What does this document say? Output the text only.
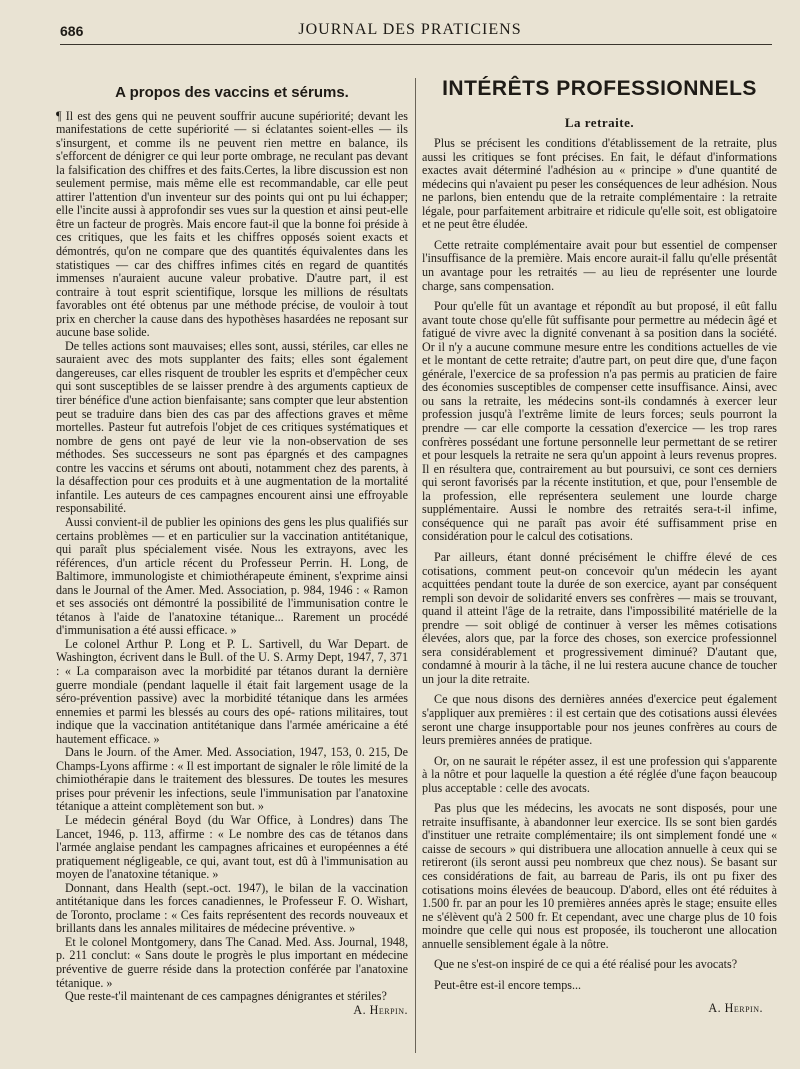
686	JOURNAL DES PRATICIENS
A propos des vaccins et sérums.

¶ Il est des gens qui ne peuvent souffrir aucune supériorité; devant les manifestations de cette supériorité — si éclatantes soient-elles — ils s'insurgent, et comme ils ne peuvent rien mettre en balance, ils s'efforcent de dénigrer ce qui leur porte ombrage, ne reculant pas devant la falsification des chiffres et des faits.Certes, la libre discussion est non seulement permise, mais même elle est recommandable, car elle peut attirer l'attention d'un inventeur sur des points qui ont pu lui échapper; elle l'incite aussi à approfondir ses vues sur la question et ainsi peut-elle être un facteur de progrès. Mais encore faut-il que la bonne foi préside à ces critiques, que les faits et les chiffres opposés soient exacts et démontrés, qu'on ne compare que des quantités équivalentes dans les statistiques — car des chiffres infimes cités en regard de quantités immenses n'auraient aucune valeur probative. D'autre part, il est contraire à tout esprit scientifique, lorsque les millions de résultats favorables ont été obtenus par une méthode précise, de vouloir à tout prix en chercher la cause dans des hypothèses hasardées ne reposant sur aucune base solide.

De telles actions sont mauvaises; elles sont, aussi, stériles, car elles ne sauraient avec des mots supplanter des faits; elles sont également dangereuses, car elles risquent de troubler les esprits et d'empêcher ceux qui sont susceptibles de se laisser prendre à des arguments captieux de tirer bénéfice d'une action bienfaisante; sans compter que leur abstention peut se traduire dans bien des cas par des affections graves et même mortelles. Pasteur fut autrefois l'objet de ces critiques systématiques et nombre de gens ont payé de leur vie la non-observation de ses méthodes. Ses successeurs ne sont pas épargnés et des campagnes contre les vaccins et sérums ont abouti, notamment chez des parents, à la désaffection pour ces produits et à une augmentation de la mortalité infantile. Les auteurs de ces campagnes encourent ainsi une effroyable responsabilité.

Aussi convient-il de publier les opinions des gens les plus qualifiés sur certains problèmes — et en particulier sur la vaccination antitétanique, qui paraît plus spécialement visée. Nous les extrayons, avec les références, d'un article récent du Professeur Perrin. H. Long, de Baltimore, immunologiste et chimiothérapeute éminent, s'exprime ainsi dans le Journal of the Amer. Med. Association, p. 984, 1946 : « Ramon et ses associés ont démontré la possibilité de l'immunisation contre le tétanos à l'aide de l'anatoxine tétanique... Rarement un procédé d'immunisation a été aussi efficace. »

Le colonel Arthur P. Long et P. L. Sartivell, du War Depart. de Washington, écrivent dans le Bull. of the U. S. Army Dept, 1947, 7, 371 : « La comparaison avec la morbidité par tétanos durant la dernière guerre mondiale (pendant laquelle il était fait largement usage de la séro-prévention passive) avec la morbidité tétanique dans les armées ennemies et parmi les blessés au cours des opé- rations militaires, tout indique que la vaccination antitétanique dans l'armée américaine a été hautement efficace. »

Dans le Journ. of the Amer. Med. Association, 1947, 153, 0. 215, De Champs-Lyons affirme : « Il est important de signaler le rôle limité de la chimiothérapie dans le traitement des blessures. De toutes les mesures prises pour prévenir les infections, seule l'immunisation par l'anatoxine tétanique a atteint complètement son but. »

Le médecin général Boyd (du War Office, à Londres) dans The Lancet, 1946, p. 113, affirme : « Le nombre des cas de tétanos dans l'armée anglaise pendant les campagnes africaines et européennes a été pratiquement négligeable, ce qui, avant tout, est dû à l'immunisation au moyen de l'anatoxine tétanique. »

Donnant, dans Health (sept.-oct. 1947), le bilan de la vaccination antitétanique dans les forces canadiennes, le Professeur F. O. Wishart, de Toronto, proclame : « Ces faits représentent des records nouveaux et brillants dans les annales militaires de médecine préventive. »

Et le colonel Montgomery, dans The Canad. Med. Ass. Journal, 1948, p. 211 conclut: « Sans doute le progrès le plus important en médecine préventive de guerre réside dans la protection conférée par l'anatoxine tétanique. »

Que reste-t'il maintenant de ces campagnes dénigrantes et stériles?

A. Herpin.
INTÉRÊTS PROFESSIONNELS
La retraite.

Plus se précisent les conditions d'établissement de la retraite, plus aussi les critiques se font précises. En fait, le défaut d'informations exactes avait déterminé l'adhésion au « principe » d'une quantité de médecins qui n'avaient pu peser les conséquences de leur adhésion. Nous ne parlons, bien entendu que de la retraite complémentaire : la retraite légale, pour parfaitement arbitraire et ridicule qu'elle soit, est obligatoire et ne peut être éludée.

Cette retraite complémentaire avait pour but essentiel de compenser l'insuffisance de la première. Mais encore aurait-il fallu qu'elle présentât un avantage pour les retraités — au lieu de représenter une lourde charge, sans compensation.

Pour qu'elle fût un avantage et répondît au but proposé, il eût fallu avant toute chose qu'elle fût suffisante pour permettre au médecin âgé et fatigué de vivre avec la dignité convenant à sa position dans la société. Or il n'y a aucune commune mesure entre les conditions actuelles de vie et le montant de cette retraite; d'autre part, on peut dire que, d'une façon générale, l'exercice de sa profession n'a pas permis au praticien de faire des économies susceptibles de compenser cette insuffisance. Ainsi, avec ou sans la retraite, les médecins sont-ils condamnés à exercer leur profession jusqu'à l'extrême limite de leurs forces; seuls pourront la prendre — car elle comporte la cessation d'exercice — les trop rares confrères possédant une fortune personnelle leur permettant de se retirer et pour lesquels la retraite ne sera qu'un appoint à leurs revenus propres. Il en résultera que, contrairement au but poursuivi, ce sont ces derniers qui seront favorisés par la récente institution, et que, pour l'ensemble de la profession, elle représentera seulement une lourde charge supplémentaire. Aussi le nombre des retraités sera-t-il infime, conséquence qui ne paraît pas avoir été suffisamment prise en considération pour le calcul des cotisations.

Par ailleurs, étant donné précisément le chiffre élevé de ces cotisations, comment peut-on concevoir qu'un médecin les ayant acquittées pendant toute la durée de son exercice, ayant par conséquent rempli son devoir de solidarité envers ses confrères — mais se trouvant, quand il atteint l'âge de la retraite, dans l'impossibilité matérielle de la prendre — soit obligé de continuer à verser les mêmes cotisations élevées, alors que, par la force des choses, son exercice professionnel sera considérablement et progressivement diminué? D'autant que, condamné à mourir à la tâche, il ne lui restera aucune chance de toucher un jour la dite retraite.

Ce que nous disons des dernières années d'exercice peut également s'appliquer aux premières : il est certain que des cotisations aussi élevées seront une charge insupportable pour nos jeunes confrères au cours de leurs premières années de pratique.

Or, on ne saurait le répéter assez, il est une profession qui s'apparente à la nôtre et pour laquelle la question a été réglée d'une façon beaucoup plus acceptable : celle des avocats.

Pas plus que les médecins, les avocats ne sont disposés, pour une retraite insuffisante, à abandonner leur exercice. Ils se sont bien gardés d'instituer une retraite complémentaire; ils ont simplement fondé une « caisse de secours » qui distribuera une allocation annuelle à ceux qui se retireront (ils seront aussi peu nombreux que chez nous). Se basant sur ces considérations de fait, au barreau de Paris, ils ont pu fixer des cotisations moins élevées de beaucoup. D'abord, elles ont été réduites à 1.500 fr. par an pour les 10 premières années après le stage; ensuite elles ne s'élèvent qu'à 2 500 fr. Et cependant, avec une charge plus de 10 fois moindre que celle qui nous est proposée, ils toucheront une allocation annuelle sensiblement égale à la nôtre.

Que ne s'est-on inspiré de ce qui a été réalisé pour les avocats?

Peut-être est-il encore temps...

A. Herpin.
